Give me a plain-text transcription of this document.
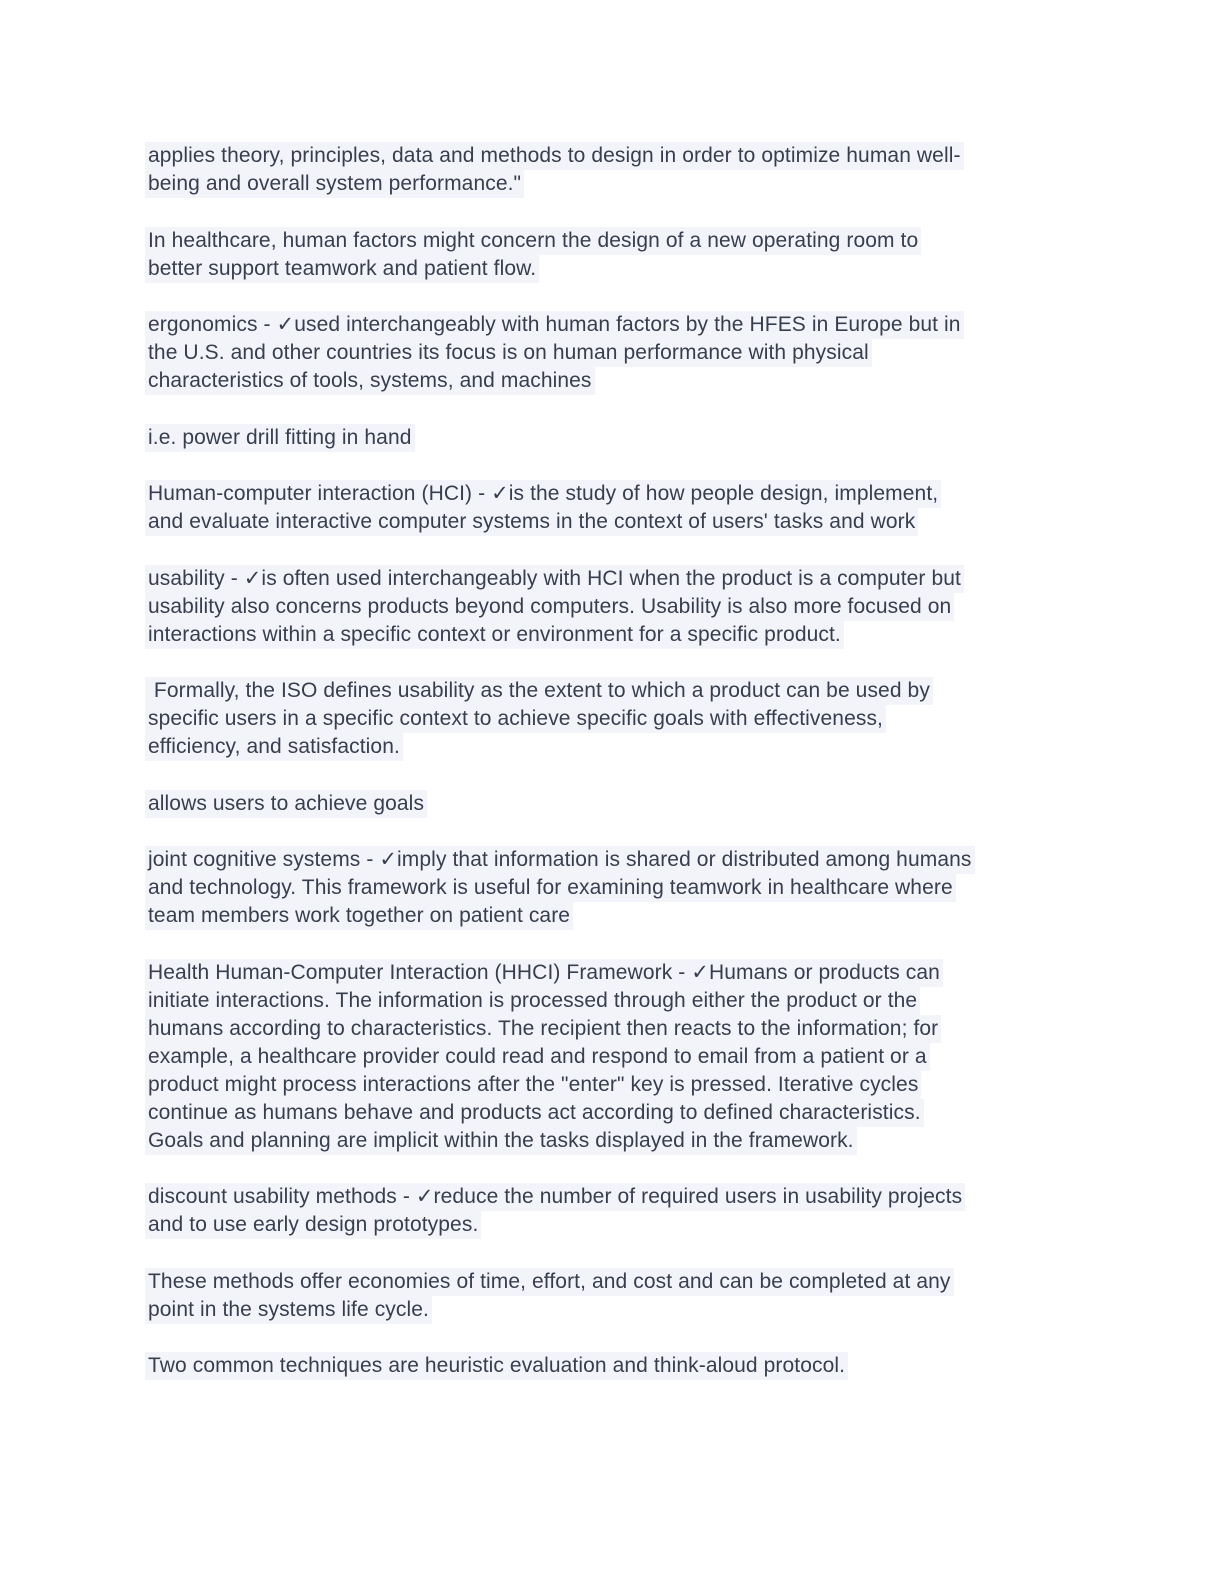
applies theory, principles, data and methods to design in order to optimize human well-
being and overall system performance."
In healthcare, human factors might concern the design of a new operating room to
better support teamwork and patient flow.
ergonomics - ✓used interchangeably with human factors by the HFES in Europe but in
the U.S. and other countries its focus is on human performance with physical
characteristics of tools, systems, and machines
i.e. power drill fitting in hand
Human-computer interaction (HCI) - ✓is the study of how people design, implement,
and evaluate interactive computer systems in the context of users' tasks and work
usability - ✓is often used interchangeably with HCI when the product is a computer but
usability also concerns products beyond computers. Usability is also more focused on
interactions within a specific context or environment for a specific product.
Formally, the ISO defines usability as the extent to which a product can be used by
specific users in a specific context to achieve specific goals with effectiveness,
efficiency, and satisfaction.
allows users to achieve goals
joint cognitive systems - ✓imply that information is shared or distributed among humans
and technology. This framework is useful for examining teamwork in healthcare where
team members work together on patient care
Health Human-Computer Interaction (HHCI) Framework - ✓Humans or products can
initiate interactions. The information is processed through either the product or the
humans according to characteristics. The recipient then reacts to the information; for
example, a healthcare provider could read and respond to email from a patient or a
product might process interactions after the "enter" key is pressed. Iterative cycles
continue as humans behave and products act according to defined characteristics.
Goals and planning are implicit within the tasks displayed in the framework.
discount usability methods - ✓reduce the number of required users in usability projects
and to use early design prototypes.
These methods offer economies of time, effort, and cost and can be completed at any
point in the systems life cycle.
Two common techniques are heuristic evaluation and think-aloud protocol.
